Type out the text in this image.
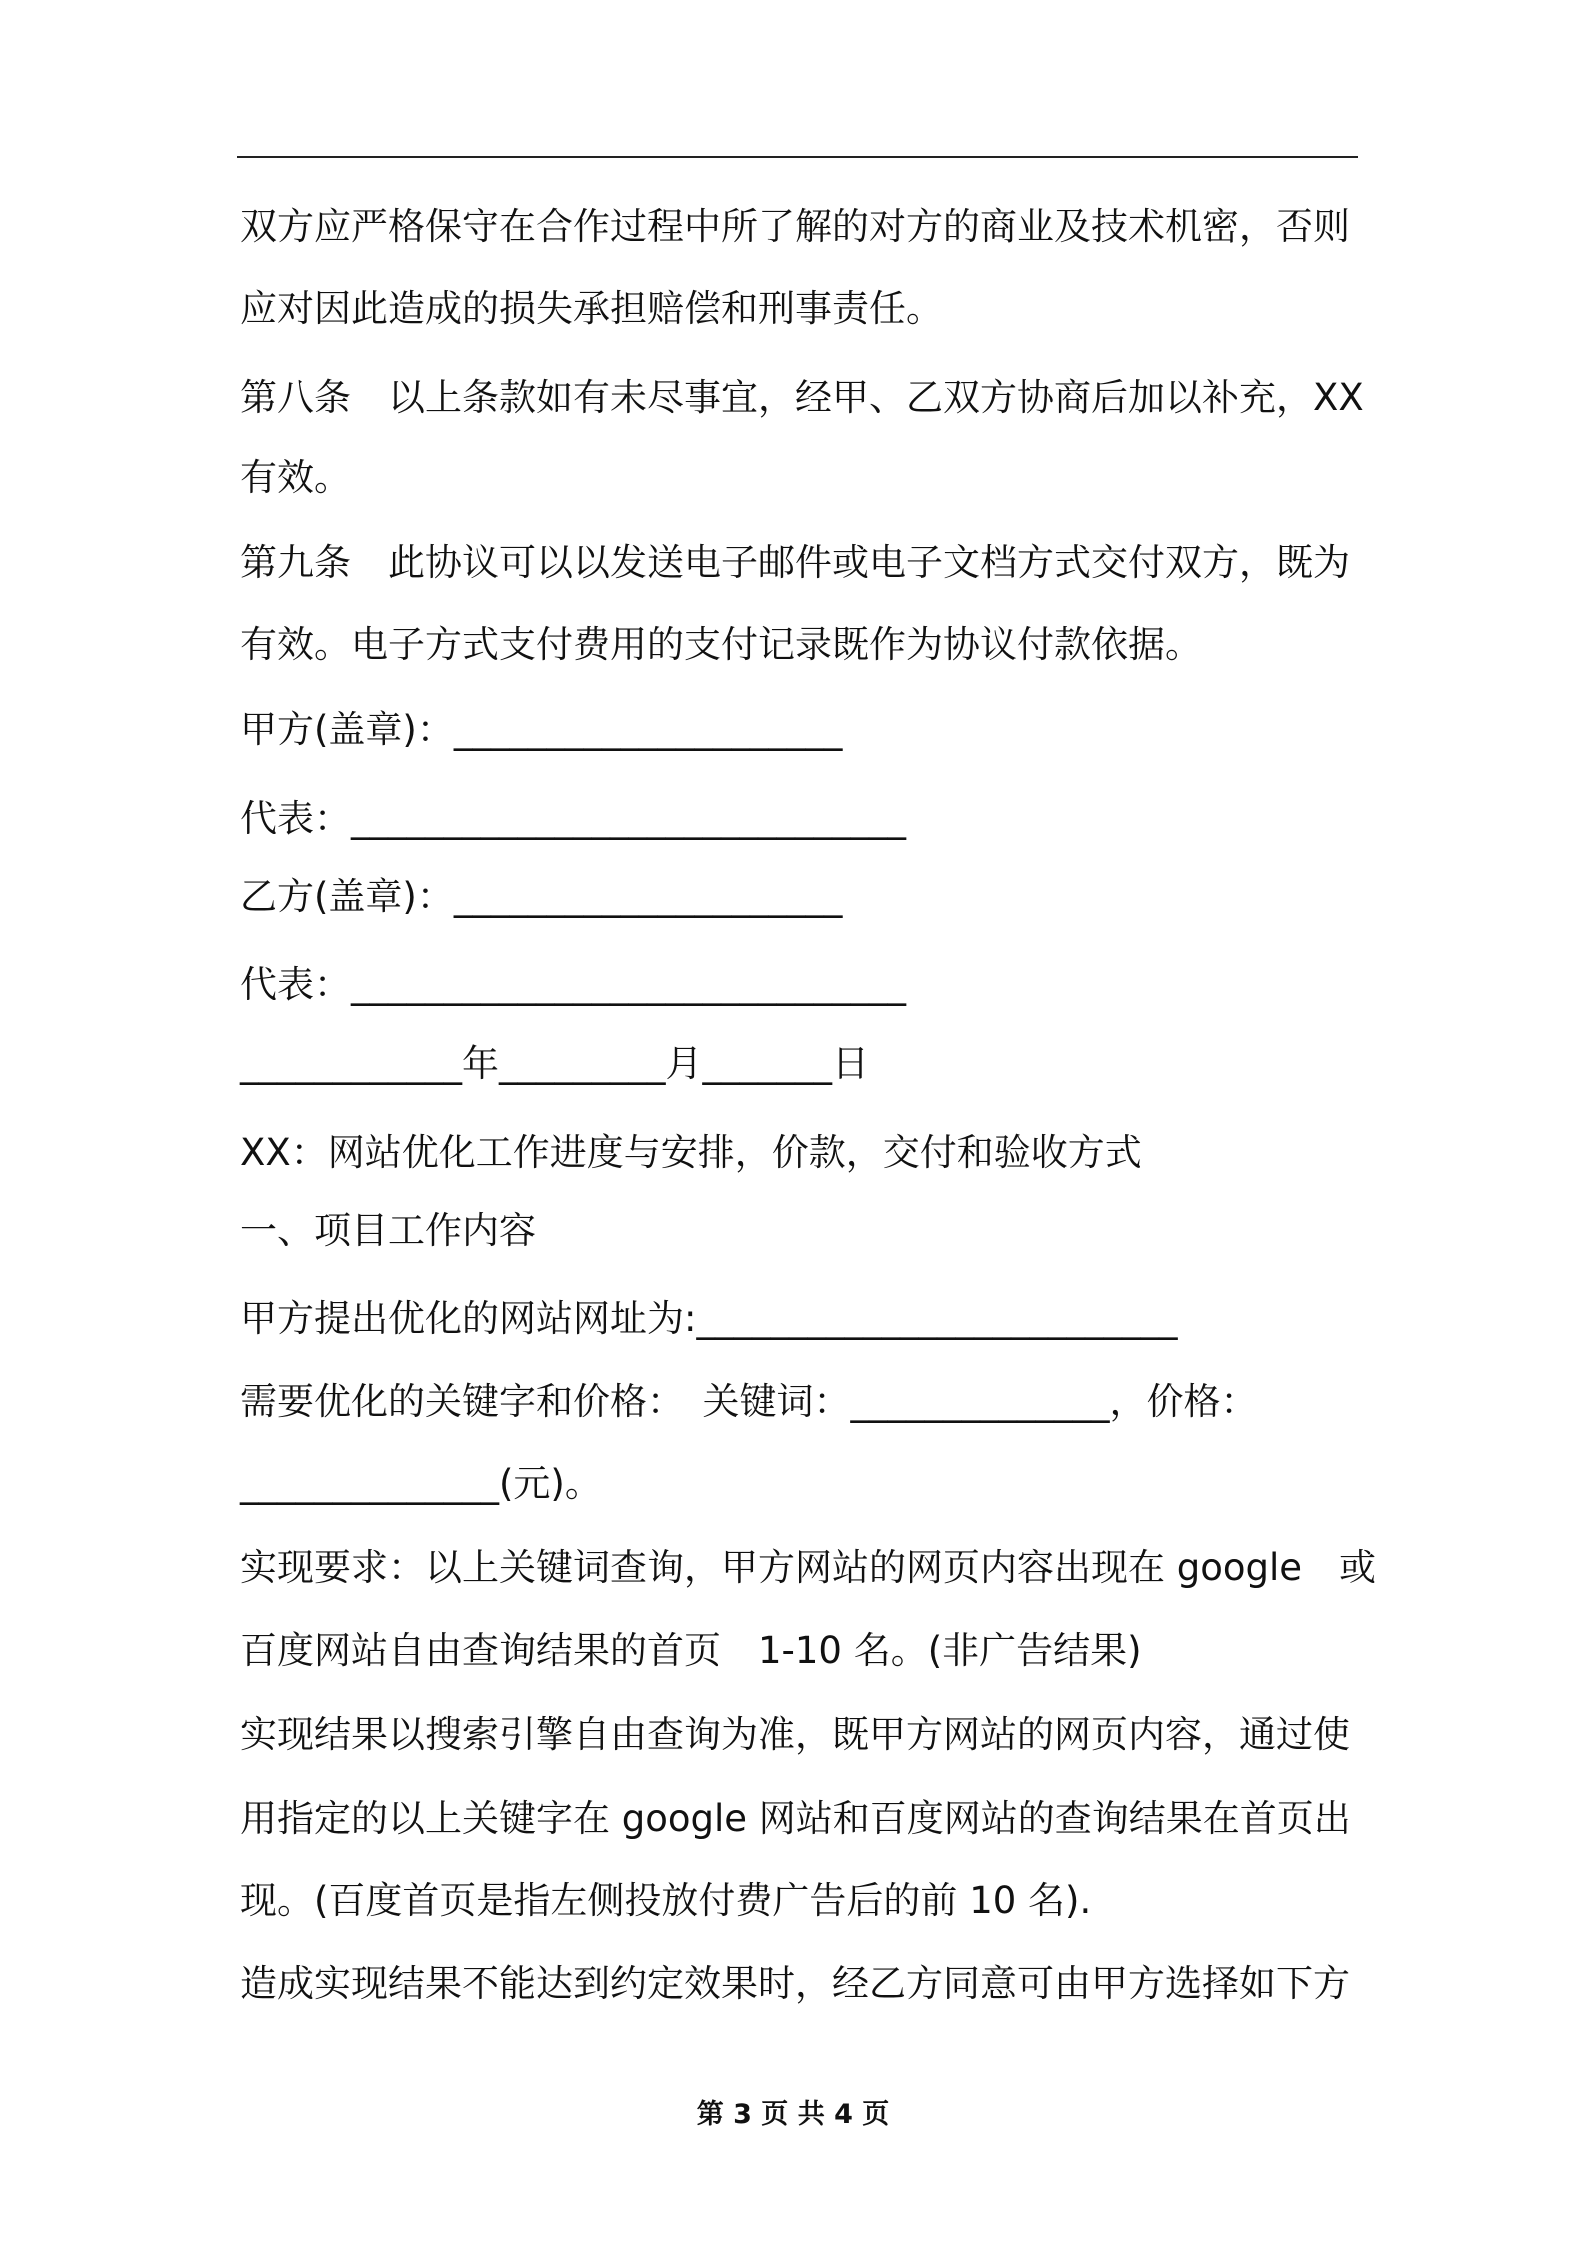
双方应严格保守在合作过程中所了解的对方的商业及技术机密，否则
应对因此造成的损失承担赔偿和刑事责任。
第八条　以上条款如有未尽事宜，经甲、乙双方协商后加以补充，XX
有效。
第九条　此协议可以以发送电子邮件或电子文档方式交付双方，既为
有效。电子方式支付费用的支付记录既作为协议付款依据。
甲方(盖章)：_____________________
代表：______________________________
乙方(盖章)：_____________________
代表：______________________________
____________年_________月_______日
XX：网站优化工作进度与安排，价款，交付和验收方式
一、项目工作内容
甲方提出优化的网站网址为:__________________________
需要优化的关键字和价格：　关键词：______________，价格：
______________(元)。
实现要求：以上关键词查询，甲方网站的网页内容出现在 google　或
百度网站自由查询结果的首页　1-10 名。(非广告结果)
实现结果以搜索引擎自由查询为准，既甲方网站的网页内容，通过使
用指定的以上关键字在 google 网站和百度网站的查询结果在首页出
现。(百度首页是指左侧投放付费广告后的前 10 名).
造成实现结果不能达到约定效果时，经乙方同意可由甲方选择如下方
第 3 页 共 4 页
